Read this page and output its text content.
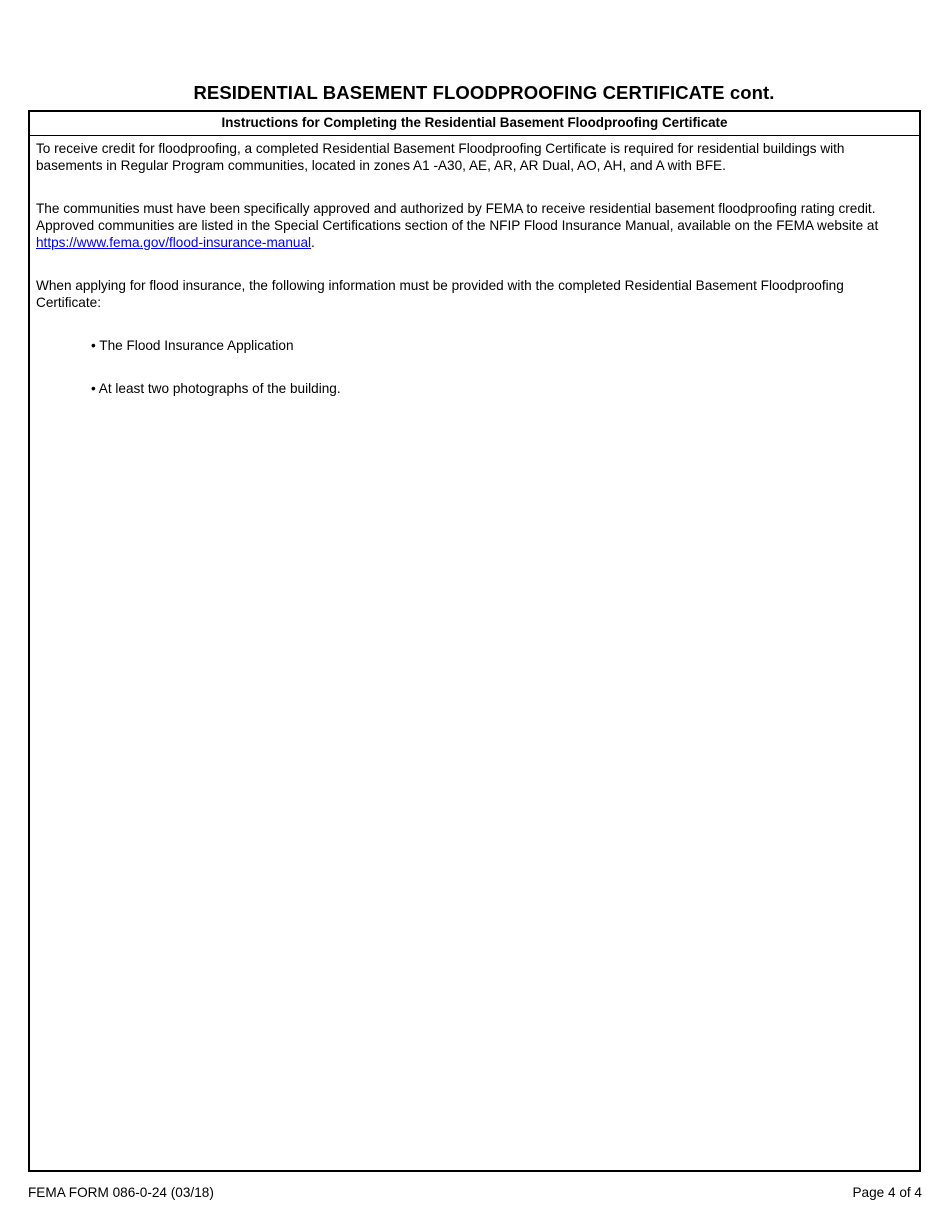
RESIDENTIAL BASEMENT FLOODPROOFING CERTIFICATE cont.
Instructions for Completing the Residential Basement Floodproofing Certificate

To receive credit for floodproofing, a completed Residential Basement Floodproofing Certificate is required for residential buildings with basements in Regular Program communities, located in zones A1 -A30, AE, AR, AR Dual, AO, AH, and A with BFE.

The communities must have been specifically approved and authorized by FEMA to receive residential basement floodproofing rating credit. Approved communities are listed in the Special Certifications section of the NFIP Flood Insurance Manual, available on the FEMA website at https://www.fema.gov/flood-insurance-manual.

When applying for flood insurance, the following information must be provided with the completed Residential Basement Floodproofing Certificate:

• The Flood Insurance Application
• At least two photographs of the building.
FEMA FORM 086-0-24 (03/18)	Page 4 of 4
